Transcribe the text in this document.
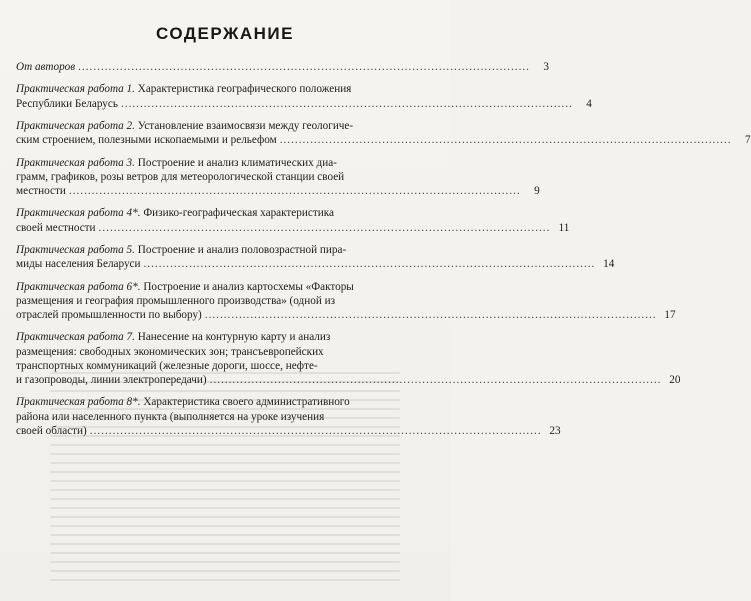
СОДЕРЖАНИЕ
От авторов .......................................................................................................................	3
Практическая работа 1. Характеристика географического положения
Республики Беларусь .......................................................................................................................	4
Практическая работа 2. Установление взаимосвязи между геологиче-
ским строением, полезными ископаемыми и рельефом .......................................................................................................................	7
Практическая работа 3. Построение и анализ климатических диа-
грамм, графиков, розы ветров для метеорологической станции своей
местности .......................................................................................................................	9
Практическая работа 4*. Физико-географическая характеристика
своей местности ....................................................................................................................... 11
Практическая работа 5. Построение и анализ половозрастной пира-
миды населения Беларуси ....................................................................................................................... 14
Практическая работа 6*. Построение и анализ картосхемы «Факторы
размещения и география промышленного производства» (одной из
отраслей промышленности по выбору) ....................................................................................................................... 17
Практическая работа 7. Нанесение на контурную карту и анализ
размещения: свободных экономических зон; трансъевропейских
транспортных коммуникаций (железные дороги, шоссе, нефте-
и газопроводы, линии электропередачи) ....................................................................................................................... 20
Практическая работа 8*. Характеристика своего административного
района или населенного пункта (выполняется на уроке изучения
своей области) ....................................................................................................................... 23
